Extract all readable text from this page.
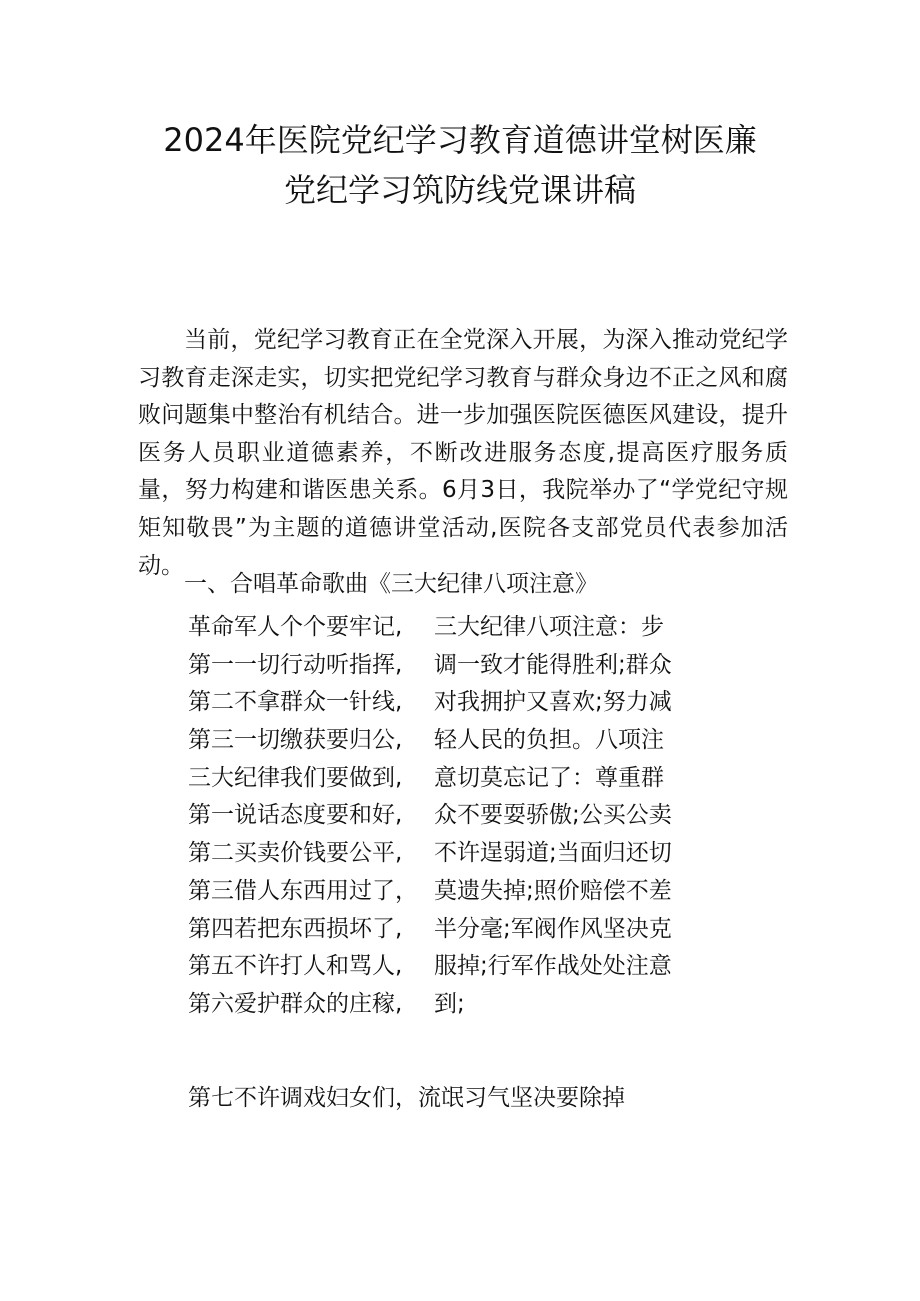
2024年医院党纪学习教育道德讲堂树医廉
党纪学习筑防线党课讲稿

当前，党纪学习教育正在全党深入开展，为深入推动党纪学习教育走深走实，切实把党纪学习教育与群众身边不正之风和腐败问题集中整治有机结合。进一步加强医院医德医风建设，提升医务人员职业道德素养，不断改进服务态度,提高医疗服务质量，努力构建和谐医患关系。6月3日，我院举办了“学党纪守规矩知敬畏”为主题的道德讲堂活动,医院各支部党员代表参加活动。

一、合唱革命歌曲《三大纪律八项注意》

革命军人个个要牢记,
第一一切行动听指挥,
第二不拿群众一针线,
第三一切缴获要归公,
三大纪律我们要做到,
第一说话态度要和好,
第二买卖价钱要公平,
第三借人东西用过了，
第四若把东西损坏了,
第五不许打人和骂人,
第六爱护群众的庄稼,
三大纪律八项注意：步
调一致才能得胜利;群众
对我拥护又喜欢;努力减
轻人民的负担。八项注
意切莫忘记了：尊重群
众不要耍骄傲;公买公卖
不许逞弱道;当面归还切
莫遗失掉;照价赔偿不差
半分毫;军阀作风坚决克
服掉;行军作战处处注意
到;

第七不许调戏妇女们，流氓习气坚决要除掉
